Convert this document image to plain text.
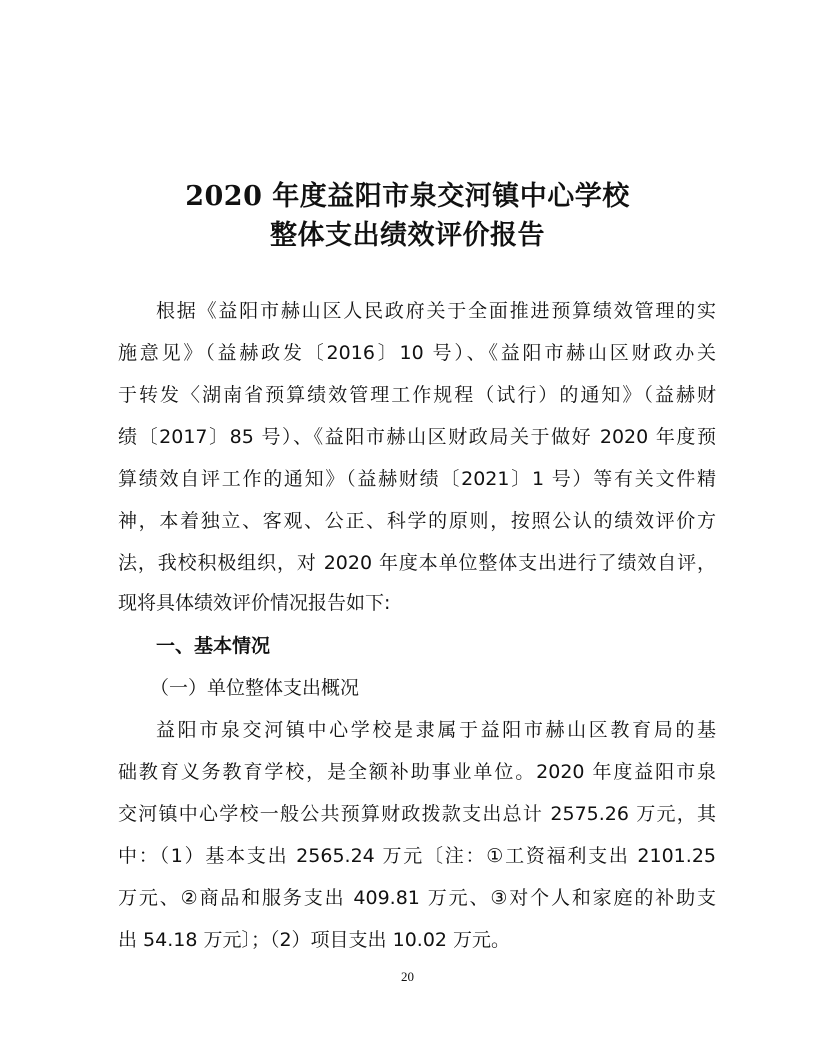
2020 年度益阳市泉交河镇中心学校
整体支出绩效评价报告
根据《益阳市赫山区人民政府关于全面推进预算绩效管理的实
施意见》（益赫政发〔2016〕10 号）、《益阳市赫山区财政办关
于转发〈湖南省预算绩效管理工作规程（试行）的通知》（益赫财
绩〔2017〕85 号）、《益阳市赫山区财政局关于做好 2020 年度预
算绩效自评工作的通知》（益赫财绩〔2021〕1 号）等有关文件精
神，本着独立、客观、公正、科学的原则，按照公认的绩效评价方
法，我校积极组织，对 2020 年度本单位整体支出进行了绩效自评，
现将具体绩效评价情况报告如下:
一、基本情况
（一）单位整体支出概况
益阳市泉交河镇中心学校是隶属于益阳市赫山区教育局的基
础教育义务教育学校，是全额补助事业单位。2020 年度益阳市泉
交河镇中心学校一般公共预算财政拨款支出总计 2575.26 万元，其
中：（1）基本支出 2565.24 万元〔注：①工资福利支出 2101.25
万元、②商品和服务支出 409.81 万元、③对个人和家庭的补助支
出 54.18 万元〕；（2）项目支出 10.02 万元。
20
